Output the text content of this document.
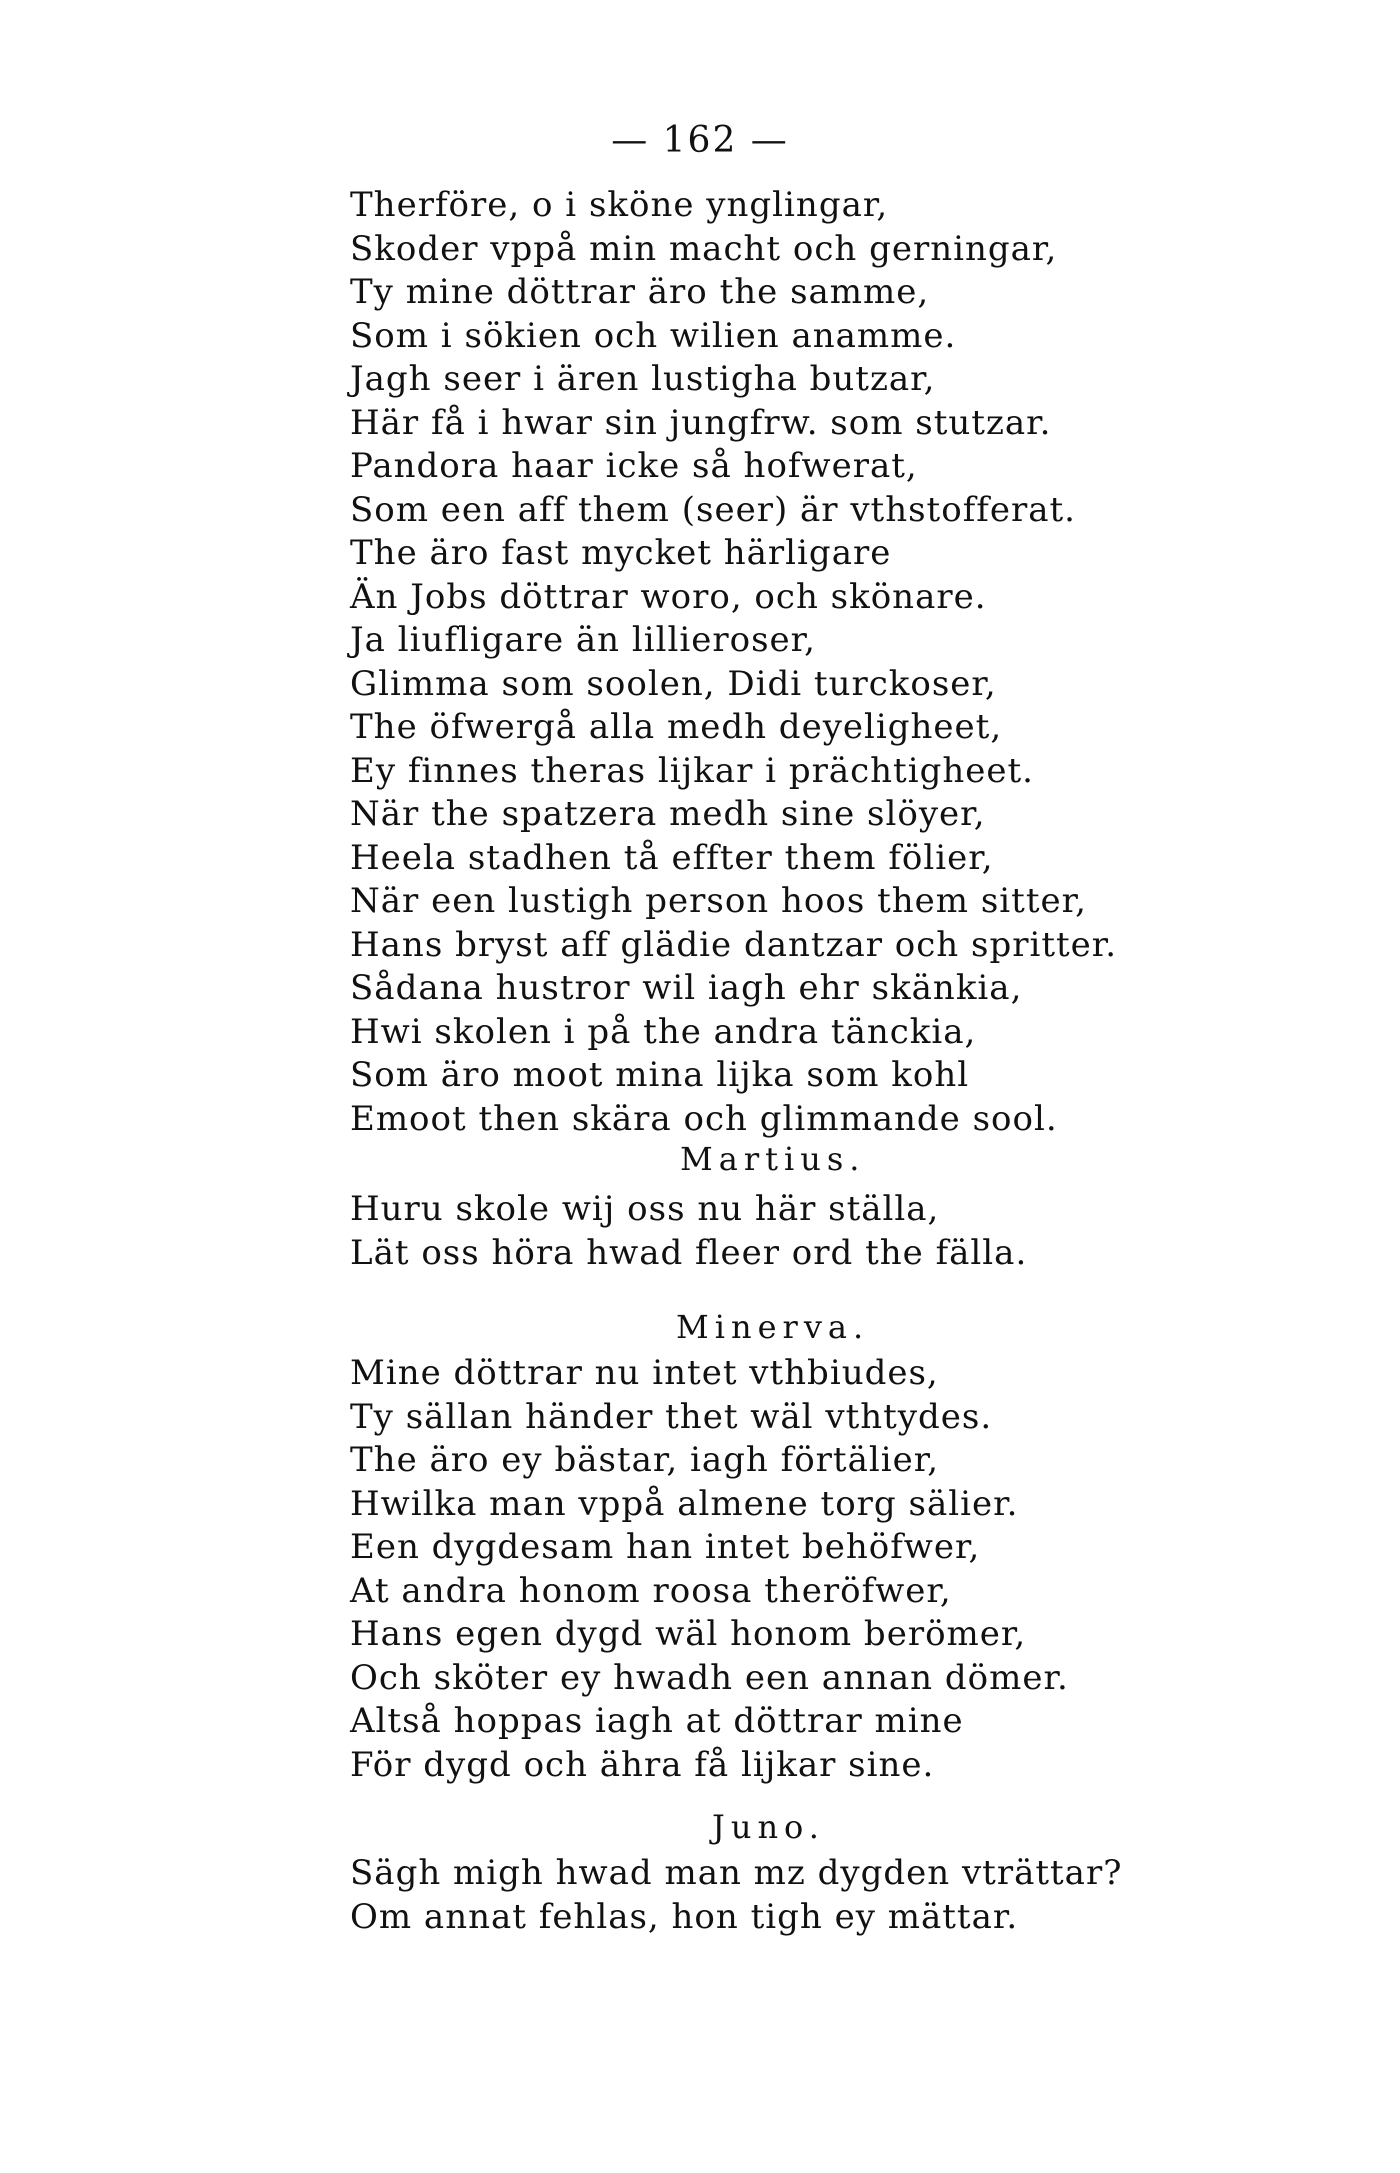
— 162 —
Therföre, o i sköne ynglingar,
Skoder vppå min macht och gerningar,
Ty mine döttrar äro the samme,
Som i sökien och wilien anamme.
Jagh seer i ären lustigha butzar,
Här få i hwar sin jungfrw. som stutzar.
Pandora haar icke så hofwerat,
Som een aff them (seer) är vthstofferat.
The äro fast mycket härligare
Än Jobs döttrar woro, och skönare.
Ja liufligare än lillieroser,
Glimma som soolen, Didi turckoser,
The öfwergå alla medh deyeligheet,
Ey finnes theras lijkar i prächtigheet.
När the spatzera medh sine slöyer,
Heela stadhen tå effter them fölier,
När een lustigh person hoos them sitter,
Hans bryst aff glädie dantzar och spritter.
Sådana hustror wil iagh ehr skänkia,
Hwi skolen i på the andra tänckia,
Som äro moot mina lijka som kohl
Emoot then skära och glimmande sool.
Martius.
Huru skole wij oss nu här ställa,
Lät oss höra hwad fleer ord the fälla.
Minerva.
Mine döttrar nu intet vthbiudes,
Ty sällan händer thet wäl vthtydes.
The äro ey bästar, iagh förtälier,
Hwilka man vppå almene torg sälier.
Een dygdesam han intet behöfwer,
At andra honom roosa theröfwer,
Hans egen dygd wäl honom berömer,
Och sköter ey hwadh een annan dömer.
Altså hoppas iagh at döttrar mine
För dygd och ähra få lijkar sine.
Juno.
Sägh migh hwad man mz dygden vträttar?
Om annat fehlas, hon tigh ey mättar.
